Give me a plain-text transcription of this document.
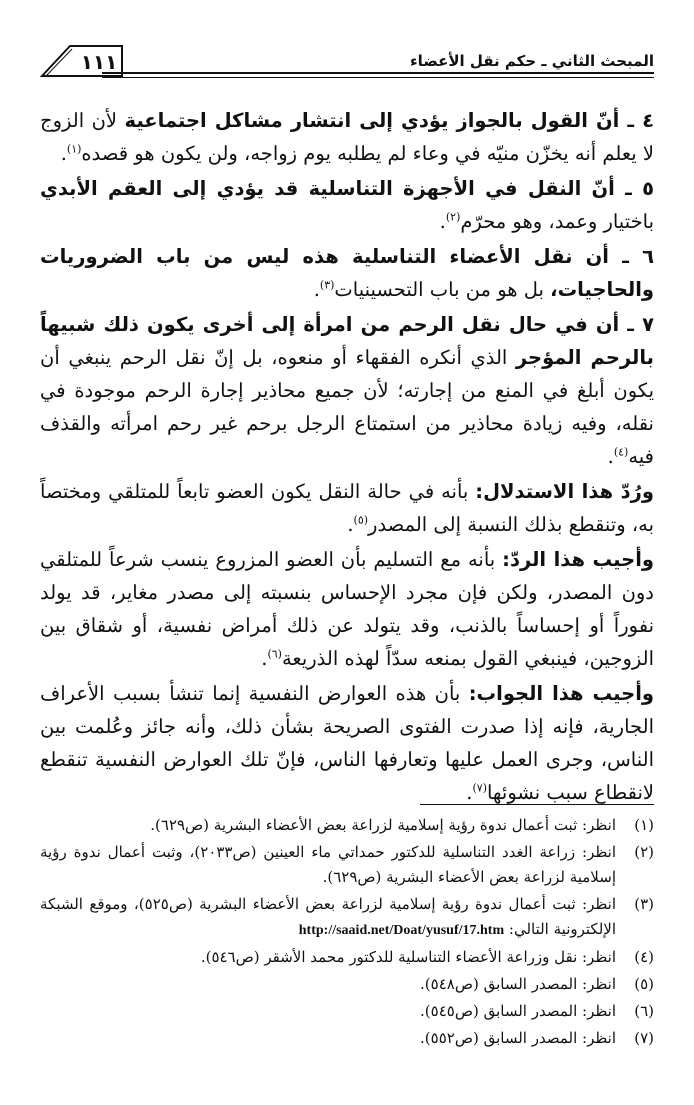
١١١	المبحث الثاني ـ حكم نقل الأعضاء

٤ ـ أنّ القول بالجواز يؤدي إلى انتشار مشاكل اجتماعية لأن الزوج لا يعلم أنه يخزّن منيّه في وعاء لم يطلبه يوم زواجه، ولن يكون هو قصده$^{(١)}$.

٥ ـ أنّ النقل في الأجهزة التناسلية قد يؤدي إلى العقم الأبدي باختيار وعمد، وهو محرّم$^{(٢)}$.

٦ ـ أن نقل الأعضاء التناسلية هذه ليس من باب الضروريات والحاجيات، بل هو من باب التحسينيات$^{(٣)}$.

٧ ـ أن في حال نقل الرحم من امرأة إلى أخرى يكون ذلك شبيهاً بالرحم المؤجر الذي أنكره الفقهاء أو منعوه، بل إنّ نقل الرحم ينبغي أن يكون أبلغ في المنع من إجارته؛ لأن جميع محاذير إجارة الرحم موجودة في نقله، وفيه زيادة محاذير من استمتاع الرجل برحم غير رحم امرأته والقذف فيه$^{(٤)}$.

ورُدّ هذا الاستدلال: بأنه في حالة النقل يكون العضو تابعاً للمتلقي ومختصاً به، وتنقطع بذلك النسبة إلى المصدر$^{(٥)}$.

وأجيب هذا الردّ: بأنه مع التسليم بأن العضو المزروع ينسب شرعاً للمتلقي دون المصدر، ولكن فإن مجرد الإحساس بنسبته إلى مصدر مغاير، قد يولد نفوراً أو إحساساً بالذنب، وقد يتولد عن ذلك أمراض نفسية، أو شقاق بين الزوجين، فينبغي القول بمنعه سدّاً لهذه الذريعة$^{(٦)}$.

وأجيب هذا الجواب: بأن هذه العوارض النفسية إنما تنشأ بسبب الأعراف الجارية، فإنه إذا صدرت الفتوى الصريحة بشأن ذلك، وأنه جائز وعُلمت بين الناس، وجرى العمل عليها وتعارفها الناس، فإنّ تلك العوارض النفسية تنقطع لانقطاع سبب نشوئها$^{(٧)}$.

(١)
انظر: ثبت أعمال ندوة رؤية إسلامية لزراعة بعض الأعضاء البشرية (ص٦٢٩).
(٢)
انظر: زراعة الغدد التناسلية للدكتور حمداتي ماء العينين (ص٢٠٣٣)، وثبت أعمال ندوة رؤية إسلامية لزراعة بعض الأعضاء البشرية (ص٦٢٩).
(٣)
انظر: ثبت أعمال ندوة رؤية إسلامية لزراعة بعض الأعضاء البشرية (ص٥٢٥)، وموقع الشبكة الإلكترونية التالي: http://saaid.net/Doat/yusuf/17.htm
(٤)
انظر: نقل وزراعة الأعضاء التناسلية للدكتور محمد الأشقر (ص٥٤٦).
(٥)
انظر: المصدر السابق (ص٥٤٨).
(٦)
انظر: المصدر السابق (ص٥٤٥).
(٧)
انظر: المصدر السابق (ص٥٥٢).
